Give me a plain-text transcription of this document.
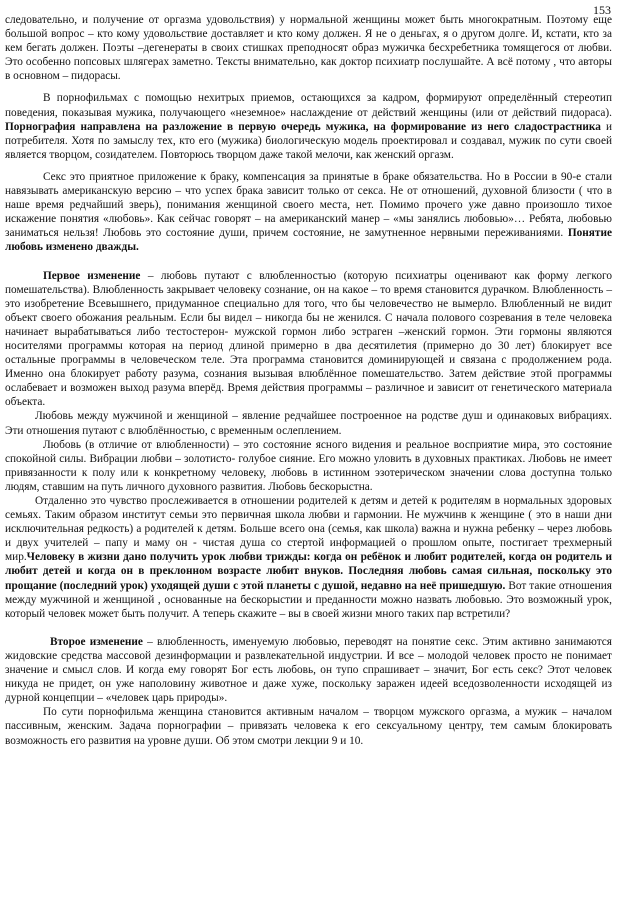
153

следовательно, и получение от оргазма удовольствия) у нормальной женщины может быть многократным. Поэтому еще большой вопрос – кто кому удовольствие доставляет и кто кому должен. Я не о деньгах, я о другом долге. И, кстати, кто за кем бегать должен. Поэты –дегенераты в своих стишках преподносят образ мужичка бесхребетника томящегося от любви. Это особенно попсовых шлягерах заметно. Тексты внимательно, как доктор психиатр послушайте. А всё потому , что авторы в основном – пидорасы.

В порнофильмах с помощью нехитрых приемов, остающихся за кадром, формируют определённый стереотип поведения, показывая мужика, получающего «неземное» наслаждение от действий женщины (или от действий пидораса). Порнография направлена на разложение в первую очередь мужика, на формирование из него сладострастника и потребителя. Хотя по замыслу тех, кто его (мужика) биологическую модель проектировал и создавал, мужик по сути своей является творцом, созидателем. Повторюсь творцом даже такой мелочи, как женский оргазм.

Секс это приятное приложение к браку, компенсация за принятые в браке обязательства. Но в России в 90-е стали навязывать американскую версию – что успех брака зависит только от секса. Не от отношений, духовной близости ( что в наше время редчайший зверь), понимания женщиной своего места, нет. Помимо прочего уже давно произошло тихое искажение понятия «любовь». Как сейчас говорят – на американский манер – «мы занялись любовью»… Ребята, любовью заниматься нельзя! Любовь это состояние души, причем состояние, не замутненное нервными переживаниями. Понятие любовь изменено дважды.

Первое изменение – любовь путают с влюбленностью (которую психиатры оценивают как форму легкого помешательства). Влюбленность закрывает человеку сознание, он на какое – то время становится дурачком. Влюбленность – это изобретение Всевышнего, придуманное специально для того, что бы человечество не вымерло. Влюбленный не видит объект своего обожания реальным. Если бы видел – никогда бы не женился. С начала полового созревания в теле человека начинает вырабатываться либо тестостерон- мужской гормон либо эстраген –женский гормон. Эти гормоны являются носителями программы которая на период длиной примерно в два десятилетия (примерно до 30 лет) блокирует все остальные программы в человеческом теле. Эта программа становится доминирующей и связана с продолжением рода. Именно она блокирует работу разума, сознания вызывая влюблённое помешательство. Затем действие этой программы ослабевает и возможен выход разума вперёд. Время действия программы – различное и зависит от генетического материала объекта.

Любовь между мужчиной и женщиной – явление редчайшее построенное на родстве душ и одинаковых вибрациях. Эти отношения путают с влюблённостью, с временным ослеплением.

Любовь (в отличие от влюбленности) – это состояние ясного видения и реальное восприятие мира, это состояние спокойной силы. Вибрации любви – золотисто- голубое сияние. Его можно уловить в духовных практиках. Любовь не имеет привязанности к полу или к конкретному человеку, любовь в истинном эзотерическом значении слова доступна только людям, ставшим на путь личного духовного развития. Любовь бескорыстна.

Отдаленно это чувство прослеживается в отношении родителей к детям и детей к родителям в нормальных здоровых семьях. Таким образом институт семьи это первичная школа любви и гармонии. Не мужчинв к женщине ( это в наши дни исключительная редкость) а родителей к детям. Больше всего она (семья, как школа) важна и нужна ребенку – через любовь и двух учителей – папу и маму он - чистая душа со стертой информацией о прошлом опыте, постигает трехмерный мир.Человеку в жизни дано получить урок любви трижды: когда он ребёнок и любит родителей, когда он родитель и любит детей и когда он в преклонном возрасте любит внуков. Последняя любовь самая сильная, поскольку это прощание (последний урок) уходящей души с этой планеты с душой, недавно на неё пришедшую. Вот такие отношения между мужчиной и женщиной , основанные на бескорыстии и преданности можно назвать любовью. Это возможный урок, который человек может быть получит. А теперь скажите – вы в своей жизни много таких пар встретили?

Второе изменение – влюбленность, именуемую любовью, переводят на понятие секс. Этим активно занимаются жидовские средства массовой дезинформации и развлекательной индустрии. И все – молодой человек просто не понимает значение и смысл слов. И когда ему говорят Бог есть любовь, он тупо спрашивает – значит, Бог есть секс? Этот человек никуда не придет, он уже наполовину животное и даже хуже, поскольку заражен идеей вседозволенности исходящей из дурной концепции – «человек царь природы».

По сути порнофильма женщина становится активным началом – творцом мужского оргазма, а мужик – началом пассивным, женским. Задача порнографии – привязать человека к его сексуальному центру, тем самым блокировать возможность его развития на уровне души. Об этом смотри лекции 9 и 10.
